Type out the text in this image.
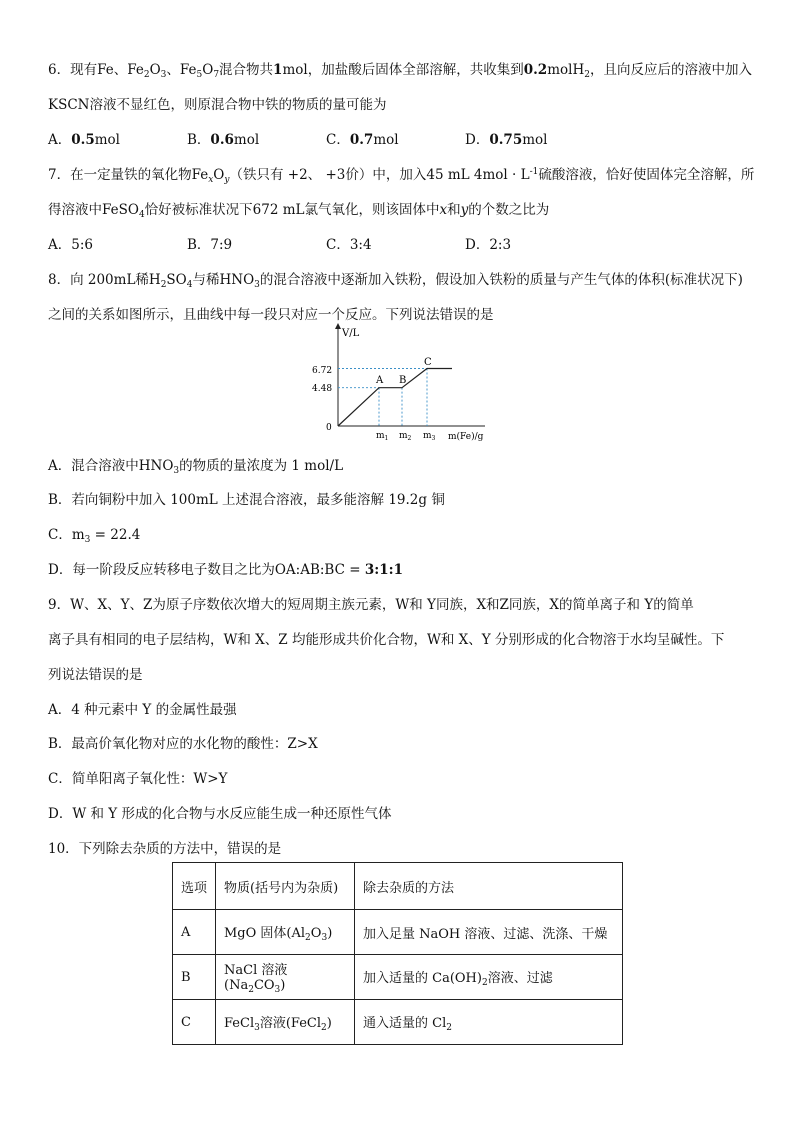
6．现有Fe、$Fe_2O_3$、$Fe_5O_7$混合物共1mol，加盐酸后固体全部溶解，共收集到0.2molH$_2$，且向反应后的溶液中加入
KSCN溶液不显红色，则原混合物中铁的物质的量可能为
A．0.5mol	B．0.6mol	C．0.7mol	D．0.75mol
7．在一定量铁的氧化物$Fe_xO_y$（铁只有 +2、 +3价）中，加入45 mL $4mol \cdot L^{-1}$硫酸溶液，恰好使固体完全溶解，所
得溶液中FeSO$_4$恰好被标准状况下672 mL氯气氧化，则该固体中x和y的个数之比为
A．5:6	B．7:9	C．3:4	D．2:3
8．向 200mL稀$H_2SO_4$与稀$HNO_3$的混合溶液中逐渐加入铁粉，假设加入铁粉的质量与产生气体的体积(标准状况下)
之间的关系如图所示，且曲线中每一段只对应一个反应。下列说法错误的是
V/L
m(Fe)/g
0
6.72
4.48
A B
C
$m_1$ $m_2$ $m_3$
A．混合溶液中$HNO_3$的物质的量浓度为 1 mol/L
B．若向铜粉中加入 100mL 上述混合溶液，最多能溶解 19.2g 铜
C．$m_3 = 22.4$
D．每一阶段反应转移电子数目之比为OA:AB:BC = 3:1:1
9．W、X、Y、Z为原子序数依次增大的短周期主族元素，W和 Y同族，X和Z同族，X的简单离子和 Y的简单
离子具有相同的电子层结构，W和 X、Z 均能形成共价化合物，W和 X、Y 分别形成的化合物溶于水均呈碱性。下
列说法错误的是
A．4 种元素中 Y 的金属性最强
B．最高价氧化物对应的水化物的酸性：Z>X
C．简单阳离子氧化性：W>Y
D．W 和 Y 形成的化合物与水反应能生成一种还原性气体
10．下列除去杂质的方法中，错误的是
选项	物质(括号内为杂质)	除去杂质的方法
A	MgO 固体$(Al_2O_3)$	加入足量 NaOH 溶液、过滤、洗涤、干燥
B	NaCl 溶液$(Na_2CO_3)$	加入适量的 $Ca(OH)_2$溶液、过滤
C	FeCl$_3$溶液(FeCl$_2$)	通入适量的 $Cl_2$
